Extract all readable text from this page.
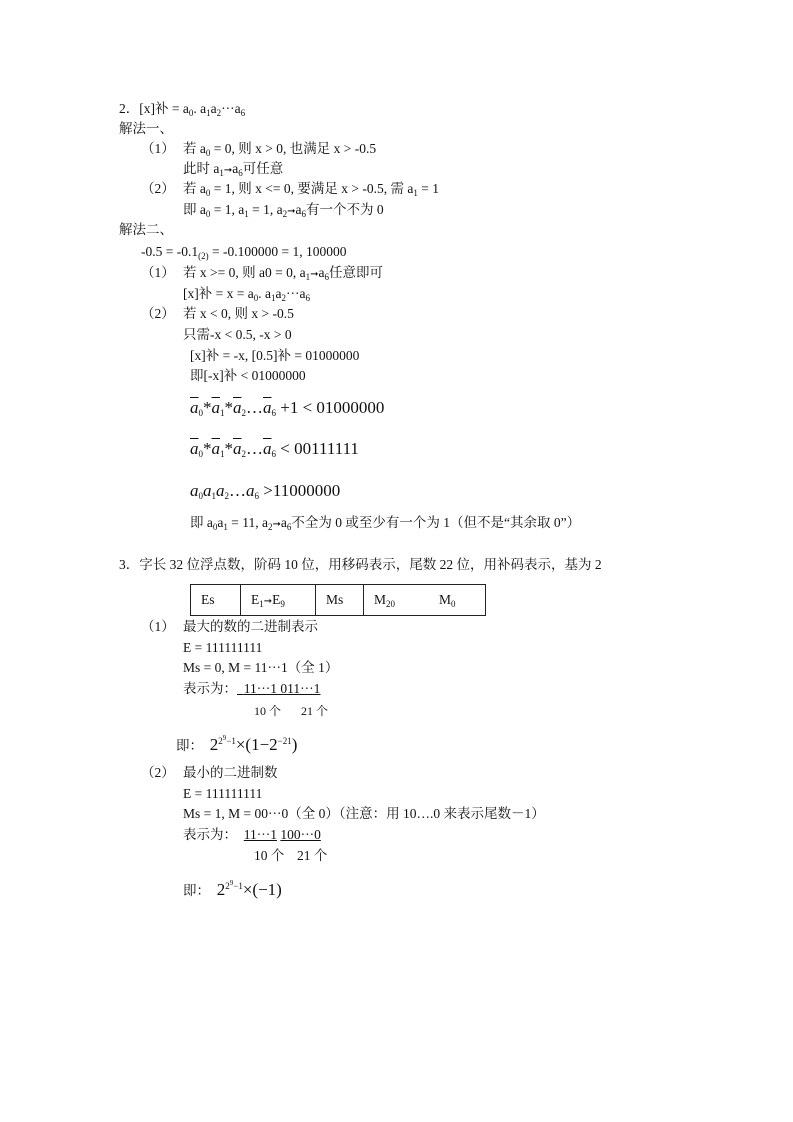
2．[x]补 = $a_0$. $a_1a_2\cdot\cdot\cdot a_6$
解法一、
（1） 若 $a_0 = 0$, 则 x > 0, 也满足 x > -0.5
此时 $a_1➞a_6$可任意
（2） 若 $a_0 = 1$, 则 x <= 0, 要满足 x > -0.5, 需 $a_1 = 1$
即 $a_0 = 1$, $a_1 = 1$, $a_2➞a_6$有一个不为 0
解法二、
$-0.5 = -0.1_{(2)} = -0.100000 = 1$, 100000
（1） 若 x >= 0, 则 a0 = 0, $a_1➞a_6$任意即可
[x]补 = $x = a_0$. $a_1a_2\cdot\cdot\cdot a_6$
（2） 若 x < 0, 则 x > -0.5
只需-x < 0.5, -x > 0
[x]补 = -x, [0.5]补 = 01000000
即[-x]补 < 01000000
$\overline{a}_0*\overline{a}_1*\overline{a}_2\dots\overline{a}_6 +1 < 01000000$
$\overline{a}_0*\overline{a}_1*\overline{a}_2\dots\overline{a}_6 < 00111111$
$a_0a_1a_2\dots a_6 >11000000$
即 $a_0a_1 = 11$, $a_2➞a_6$不全为 0 或至少有一个为 1（但不是“其余取 0”）
3．字长 32 位浮点数，阶码 10 位，用移码表示，尾数 22 位，用补码表示，基为 2
Es	$E_1➞E_9$	Ms	$M_{20}$	$M_0$
（1） 最大的数的二进制表示
E = 111111111
Ms = 0, M = 11···1（全 1）
表示为： 11···1 011···1
10 个 21 个
即： $2^{2^9-1}\times(1-2^{-21})$
（2） 最小的二进制数
E = 111111111
Ms = 1, M = 00···0（全 0）（注意：用 10….0 来表示尾数－1）
表示为： 11···1 100···0
10 个 21 个
即： $2^{2^9-1}\times(-1)$
